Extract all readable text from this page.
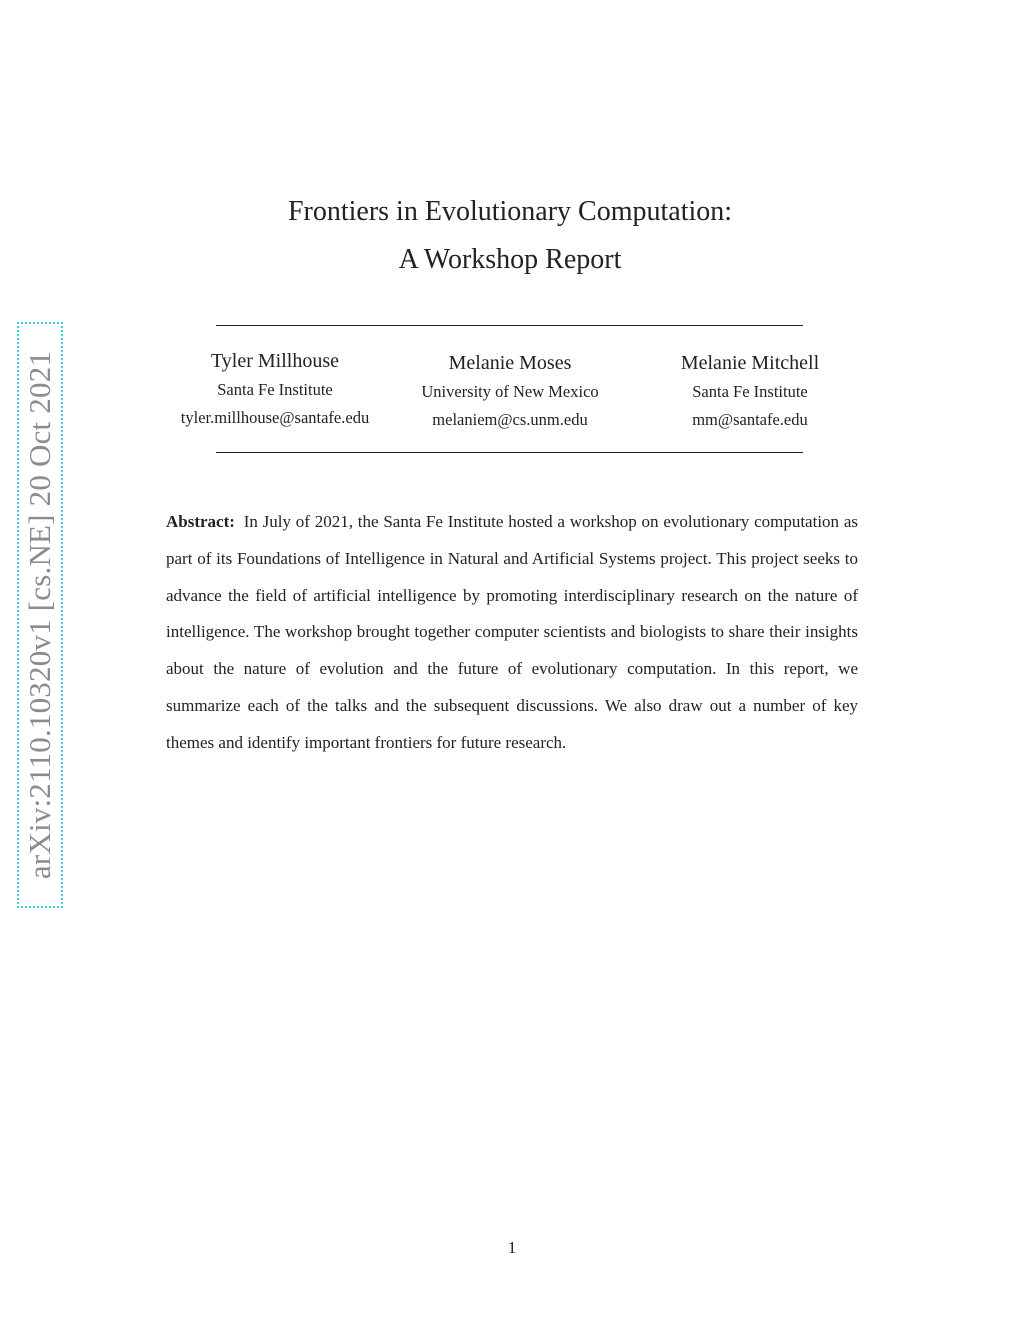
arXiv:2110.10320v1 [cs.NE] 20 Oct 2021
Frontiers in Evolutionary Computation:
A Workshop Report
Tyler Millhouse
Santa Fe Institute
tyler.millhouse@santafe.edu
Melanie Moses
University of New Mexico
melaniem@cs.unm.edu
Melanie Mitchell
Santa Fe Institute
mm@santafe.edu
Abstract: In July of 2021, the Santa Fe Institute hosted a workshop on evolutionary computation as part of its Foundations of Intelligence in Natural and Artificial Systems project. This project seeks to advance the field of artificial intelligence by promoting interdisciplinary research on the nature of intelligence. The workshop brought together computer scientists and biologists to share their insights about the nature of evolution and the future of evolutionary computation. In this report, we summarize each of the talks and the subsequent discussions. We also draw out a number of key themes and identify important frontiers for future research.
1
